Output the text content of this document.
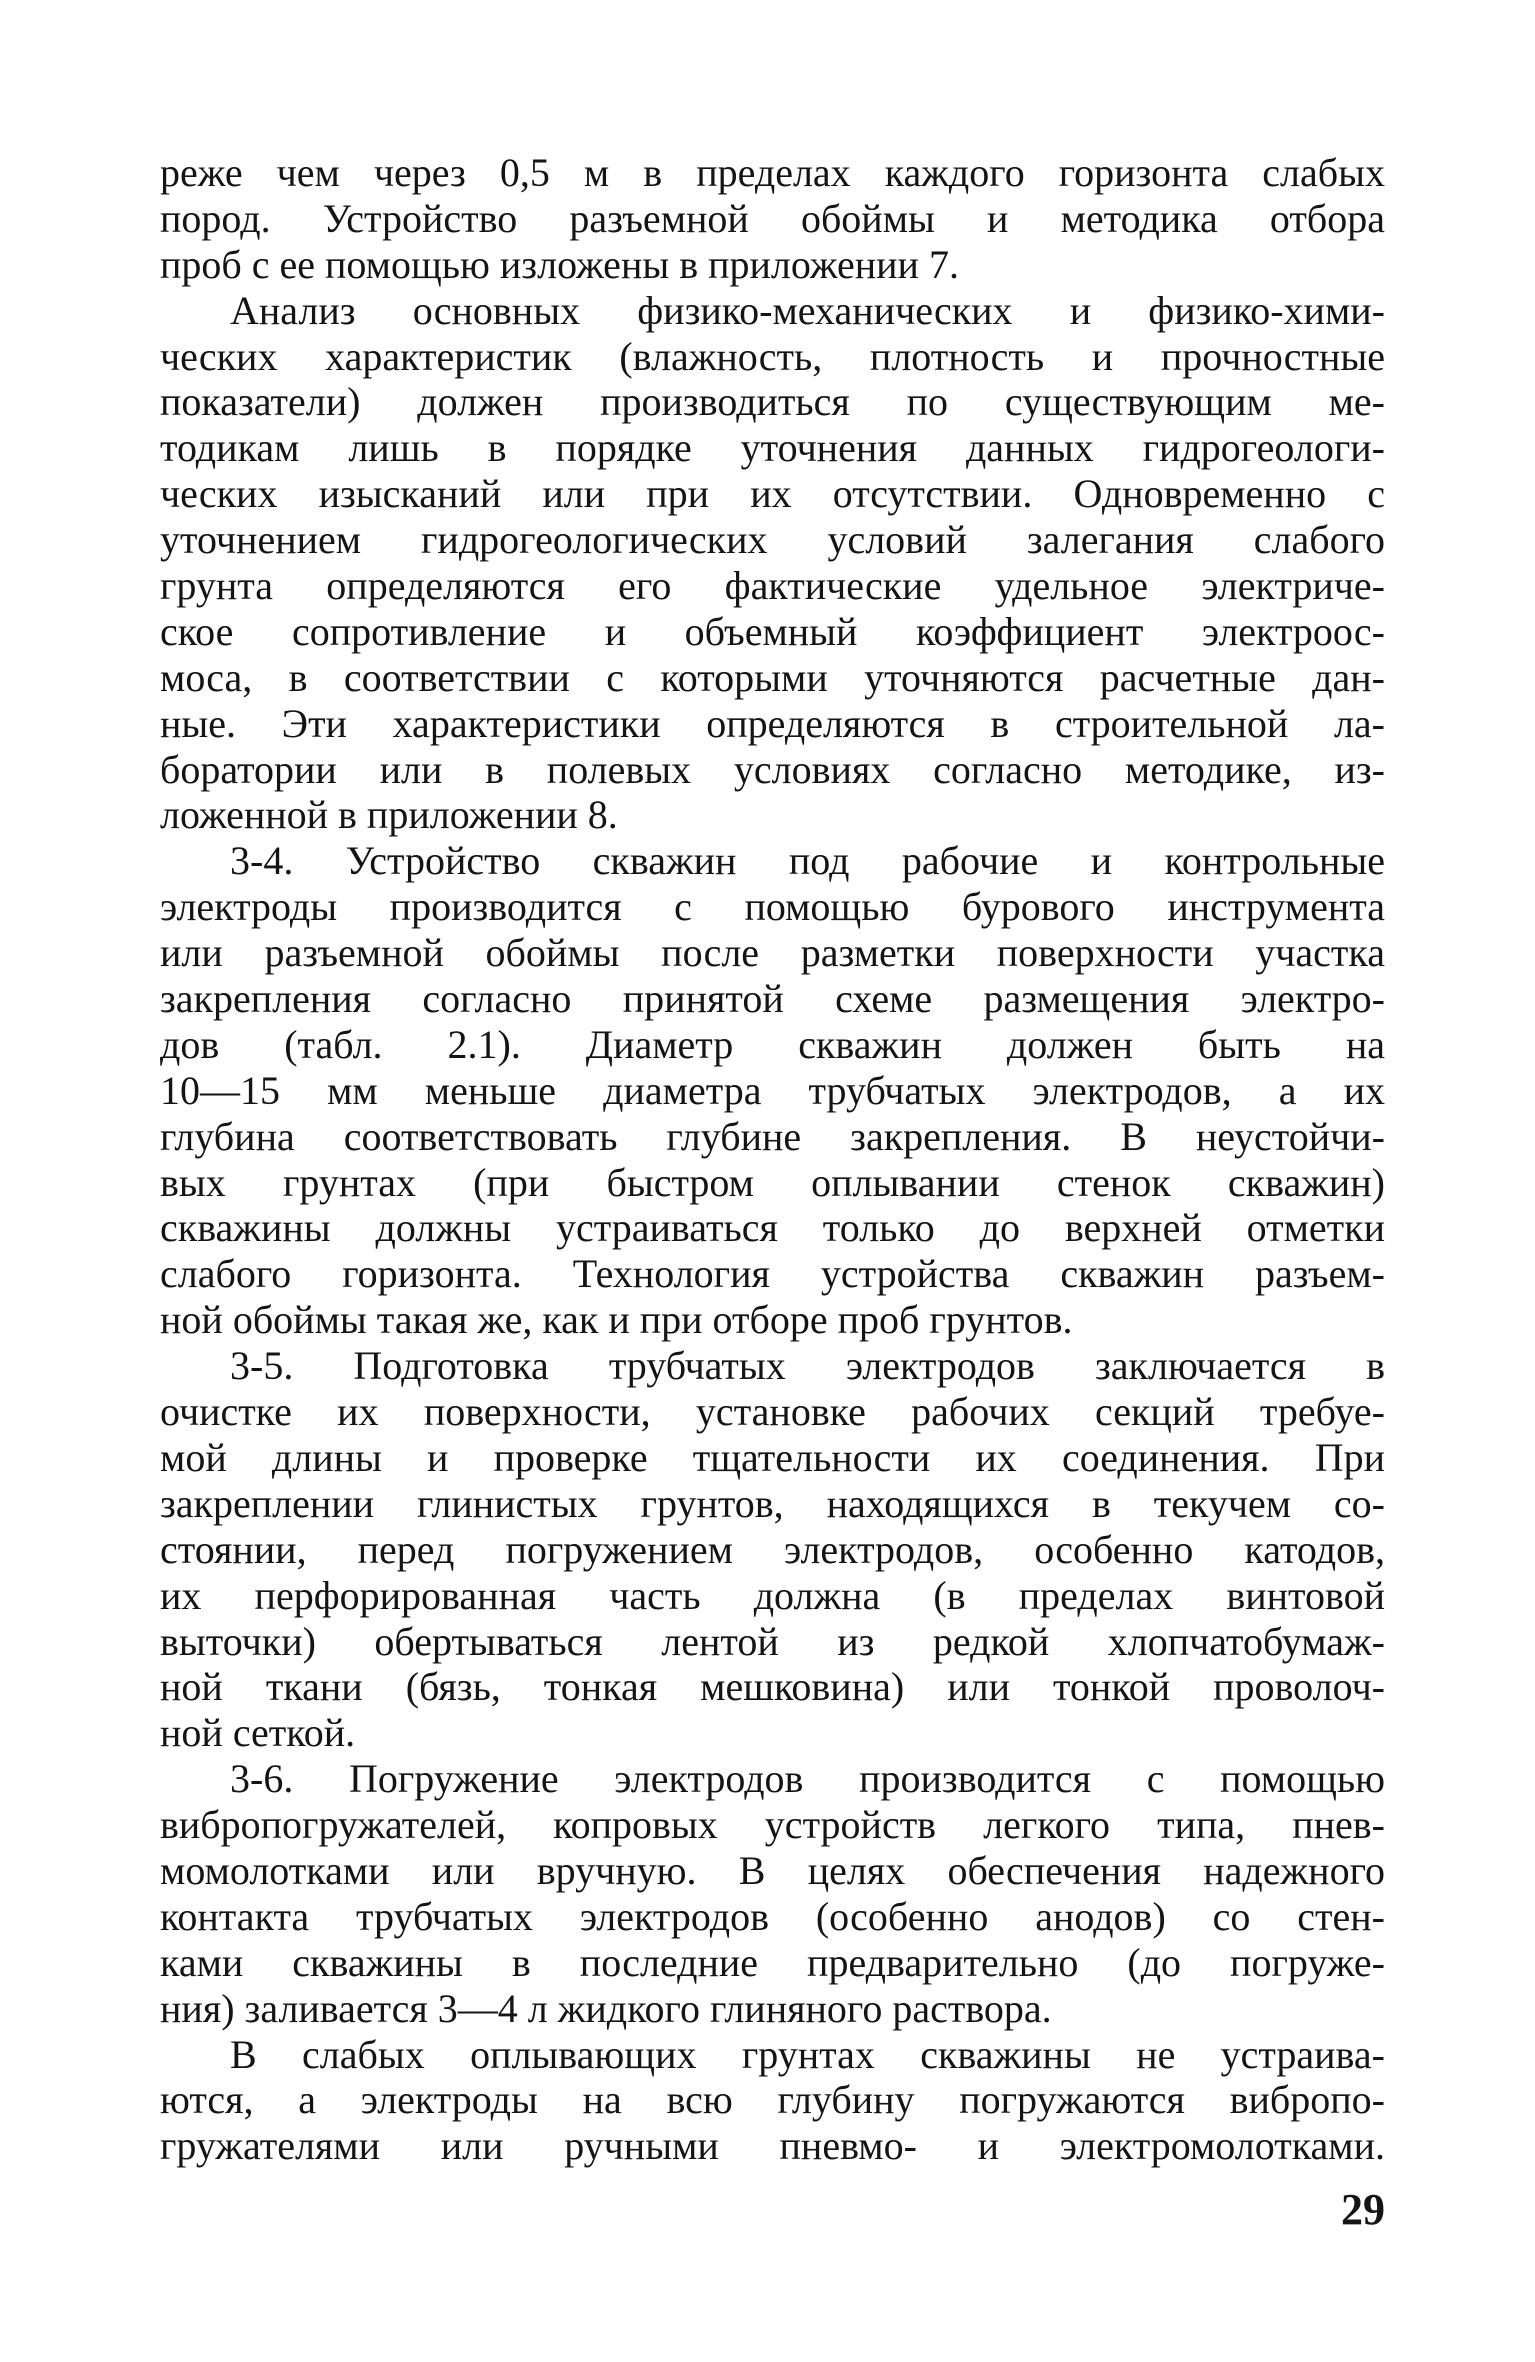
реже чем через 0,5 м в пределах каждого горизонта слабых
пород. Устройство разъемной обоймы и методика отбора
проб с ее помощью изложены в приложении 7.
Анализ основных физико-механических и физико-хими-
ческих характеристик (влажность, плотность и прочностные
показатели) должен производиться по существующим ме-
тодикам лишь в порядке уточнения данных гидрогеологи-
ческих изысканий или при их отсутствии. Одновременно с
уточнением гидрогеологических условий залегания слабого
грунта определяются его фактические удельное электриче-
ское сопротивление и объемный коэффициент электроос-
моса, в соответствии с которыми уточняются расчетные дан-
ные. Эти характеристики определяются в строительной ла-
боратории или в полевых условиях согласно методике, из-
ложенной в приложении 8.
3-4. Устройство скважин под рабочие и контрольные
электроды производится с помощью бурового инструмента
или разъемной обоймы после разметки поверхности участка
закрепления согласно принятой схеме размещения электро-
дов (табл. 2.1). Диаметр скважин должен быть на
10—15 мм меньше диаметра трубчатых электродов, а их
глубина соответствовать глубине закрепления. В неустойчи-
вых грунтах (при быстром оплывании стенок скважин)
скважины должны устраиваться только до верхней отметки
слабого горизонта. Технология устройства скважин разъем-
ной обоймы такая же, как и при отборе проб грунтов.
3-5. Подготовка трубчатых электродов заключается в
очистке их поверхности, установке рабочих секций требуе-
мой длины и проверке тщательности их соединения. При
закреплении глинистых грунтов, находящихся в текучем со-
стоянии, перед погружением электродов, особенно катодов,
их перфорированная часть должна (в пределах винтовой
выточки) обертываться лентой из редкой хлопчатобумаж-
ной ткани (бязь, тонкая мешковина) или тонкой проволоч-
ной сеткой.
3-6. Погружение электродов производится с помощью
вибропогружателей, копровых устройств легкого типа, пнев-
момолотками или вручную. В целях обеспечения надежного
контакта трубчатых электродов (особенно анодов) со стен-
ками скважины в последние предварительно (до погруже-
ния) заливается 3—4 л жидкого глиняного раствора.
В слабых оплывающих грунтах скважины не устраива-
ются, а электроды на всю глубину погружаются вибропо-
гружателями или ручными пневмо- и электромолотками.
29
